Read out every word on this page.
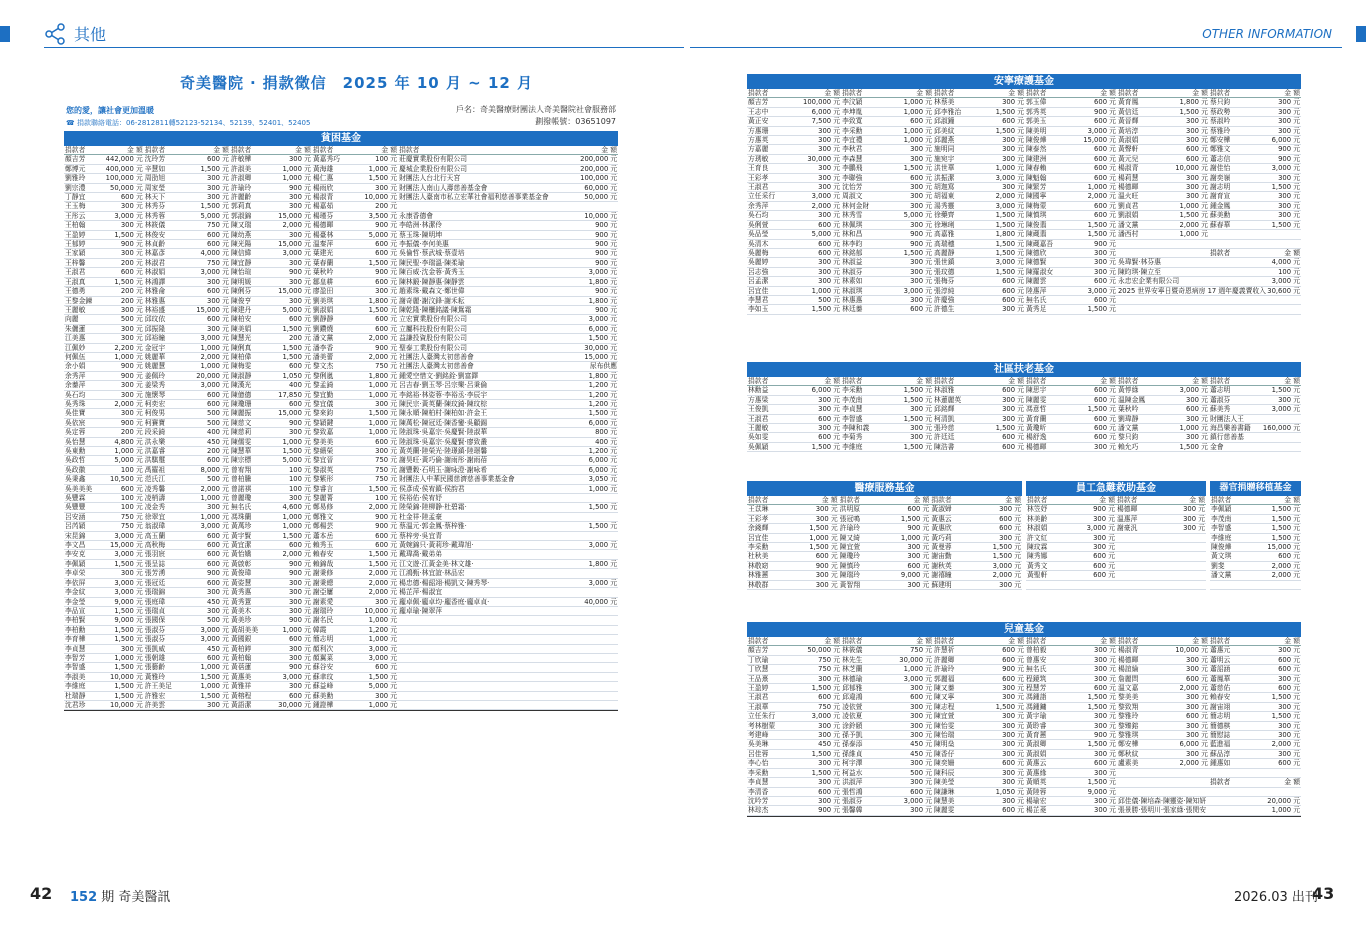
其他	OTHER INFORMATION
奇美醫院 ‧ 捐款徵信　2025 年 10 月 ~ 12 月
您的愛，讓社會更加溫暖
☎ 捐款聯絡電話：06-2812811轉52123-52134、52139、52401、52405
戶名：奇美醫療財團法人奇美醫院社會服務部
劃撥帳號：03651097
貧困基金
捐款者	金 額	捐款者	金 額	捐款者	金 額	捐款者	金 額	捐款者	金 額
顏吉芳	442,000 元	沈玲芳	600 元	許敏樺	300 元	黃嘉秀巧	100 元	莊慶實業股份有限公司	200,000 元
鄭博元	400,000 元	辛慧如	1,500 元	許淑美	1,000 元	黃海雄	1,000 元	慶城企業股份有限公司	200,000 元
劉雅玲	100,000 元	周劭旭	300 元	許淑卿	1,000 元	楊仁惠	1,500 元	財團法人台北行天宮	100,000 元
劉宗澧	50,000 元	周家瑩	300 元	許瑜玲	900 元	楊雨欣	300 元	財團法人南山人壽慈善基金會	60,000 元
丁靜宜	600 元	林天下	300 元	許麗齡	300 元	楊淑青	10,000 元	財團法人臺南市私立宏華社會福利慈善事業基金會	50,000 元
王玉梅	300 元	林秀芬	1,500 元	郭莉真	300 元	楊嘉茹	200 元		
王彤云	3,000 元	林秀蓉	5,000 元	郭淑錦	15,000 元	楊瑾芬	3,500 元	永康香德會	10,000 元
王柏翰	300 元	林筱儀	750 元	陳又瑞	2,000 元	楊德暉	900 元	李皓洲‧林潔伶	900 元
王盈婷	1,500 元	林俊安	600 元	陳幼燕	300 元	楊臺林	5,000 元	蔡玉珠‧陳明坤	900 元
王郁婷	900 元	林貞齡	600 元	陳光陽	15,000 元	溫秦萍	600 元	李振儀‧李何美惠	900 元
王家穎	300 元	林嘉彥	4,000 元	陳信緯	3,000 元	葉建光	600 元	吳倫哲‧蔡武城‧蔡壹培	900 元
王梓馨	200 元	林淑君	750 元	陳宜靜	300 元	葉春蘭	1,500 元	陳民聖‧李瑞溫‧陳柔瑜	900 元
王淑君	600 元	林淑娟	3,000 元	陳怡瑄	900 元	葉秋吟	900 元	陳百威‧沈金蓉‧黃秀玉	3,000 元
王淑真	1,500 元	林鴻譯	300 元	陳明媛	300 元	鄒皇耕	600 元	陳林鍛‧陳靜惠‧陳靜雲	1,800 元
王德勇	200 元	林雅侖	600 元	陳俐芬	15,000 元	廖盈田	300 元	趙素珠‧戴森文‧鄭世偉	900 元
王黎金鍊	200 元	林雅惠	300 元	陳俊亨	300 元	劉美琪	1,800 元	謝奇麗‧謝汶鋒‧謝禾耘	1,800 元
王麗敏	300 元	林裕盛	15,000 元	陳建丹	5,000 元	劉淑娟	1,500 元	陳乾隆‧陳櫃銘議‧陳鴛霜	900 元
向麗	500 元	邱玟依	600 元	陳柏安	600 元	劉靜靜	600 元	立宏實業股份有限公司	3,000 元
朱儷蓮	300 元	邱振隆	300 元	陳美娟	1,500 元	劉鑽燒	600 元	立屬科技股份有限公司	6,000 元
江美惠	300 元	邱裕瞳	3,000 元	陳慧光	200 元	潘文黨	2,000 元	益謙投資股份有限公司	1,500 元
江佩妙	2,200 元	金冠宇	1,000 元	陳俐真	1,500 元	潘李香	900 元	聖泰工業股份有限公司	30,000 元
何佩伍	1,000 元	姚麗華	2,000 元	陳柏偉	1,500 元	潘美蕾	2,000 元	社團法人臺灣太初慈善會	15,000 元
余小娟	900 元	姚麗慧	1,000 元	陳梅雯	600 元	黎文杰	750 元	社團法人臺灣太初慈善會	尿布供應
余秀萍	900 元	姜佩玲	20,000 元	陳淑靜	1,050 元	黎俐嵐	1,800 元	鍾愛空惜文‧劉銘銓‧劉富鐸	1,800 元
余蓁萍	300 元	姜梁秀	3,000 元	陳漢光	400 元	黎孟錡	1,000 元	呂吉春‧劉玉琴‧呂宗樂‧呂秉倫	1,200 元
吳石均	300 元	施懷琴	600 元	陳億德	17,850 元	黎宜勤	1,000 元	李銘裕‧林姿蓉‧李裕丞‧李辰宇	1,200 元
吳秀珠	2,000 元	柯奕宏	600 元	陳瓊珊	600 元	黎宜儀	300 元	陳民宗‧黃英蘭‧陳玟錡‧陳玟棕	1,200 元
吳佳寶	300 元	柯俊男	500 元	陳麗振	15,000 元	黎來鈞	1,500 元	陳永順‧陳柏村‧陳柏如‧許金王	1,500 元
吳依宸	900 元	柯賽寶	500 元	陳慈文	900 元	黎穎鍵	1,000 元	陳萬松‧陳冠廷‧陳香鑾‧吳顧錫	6,000 元
吳定蓉	200 元	段采錡	400 元	陳慈莉	300 元	黎致嘉	1,000 元	陸淑珠‧吳嘉宗‧吳慶賢‧陸淑華	800 元
吳怡慧	4,800 元	洪永樂	450 元	陳儒雯	1,000 元	黎美美	600 元	陸淑珠‧吳嘉宗‧吳慶賢‧廖致叢	400 元
吳東勳	1,000 元	洪嘉睿	200 元	陳慧華	1,500 元	黎繽榮	300 元	黃英蘭‧陸榮光‧陸璟鎮‧陸璟馨	1,200 元
吳政哲	5,000 元	洪騏璽	600 元	陳宗標	5,000 元	黎宜晉	750 元	謝昊旺‧黃巧倫‧謝雨彤‧謝雨蓓	6,000 元
吳政徽	100 元	禹羅祖	8,000 元	曾宥翔	100 元	黎淑英	750 元	謝豐穀‧石明玉‧謝咏澄‧謝咏希	6,000 元
吳秉鑫	10,500 元	范氏江	500 元	曾柏騰	100 元	黎紫形	750 元	財團法人中華民國慈濟慈善事業基金會	3,050 元
吳美美美	600 元	凌秀馨	2,000 元	曾諾祺	100 元	黎睿言	1,500 元	侯彥成‧侯宥鎮‧侯韵君	1,000 元
吳豐霖	100 元	凌梢濤	1,000 元	曾麗瓊	300 元	黎麗菁	100 元	侯裕佑‧侯宥妤	
吳豐豐	100 元	凌金秀	300 元	無名氏	4,600 元	鄭易修	2,000 元	陸榮錦‧陸柳静‧杜碧霜‧	1,500 元
呂安涵	750 元	徐翠宜	1,000 元	馮珠蘭	1,000 元	鄭雅文	900 元	杜金祥‧陸孟豪	
呂芮穎	750 元	翁淑瑋	3,000 元	黃萬珍	1,000 元	鄭楊芸	900 元	蔡溫元‧郭金鳳‧蔡梓雅‧	1,500 元
宋昆錦	3,000 元	高玉蘭	600 元	黃宇賢	1,500 元	蕭本岳	600 元	蔡梓旁‧吳宜青	
李文昌	15,000 元	高秋梅	600 元	黃宜潔	600 元	賴秀玉	600 元	黃婉錦只‧黃莉珍‧戴瑋旭‧	3,000 元
李安克	3,000 元	張羽宸	600 元	黃怡嬌	2,000 元	賴春安	1,500 元	戴瑋喬‧戴弟弟	
李佩穎	1,500 元	張呈誌	600 元	黃啟彰	900 元	賴錦哉	1,500 元	江文遊‧江黃金美‧林文雄‧	1,800 元
李卓栄	300 元	張芳湧	900 元	黃俊瑋	900 元	謝秉修	2,000 元	江鴻甄‧林宜誼‧林品宏	
李依屏	3,000 元	張冠廷	600 元	黃姿慧	300 元	謝秉總	2,000 元	楊忠德‧楊韶翊‧楊凱文‧陳秀琴‧	3,000 元
李金紋	3,000 元	張瑞錦	300 元	黃秀惠	300 元	謝亞屢	2,000 元	楊芷萍‧楊淑宜	
李金瑩	9,000 元	張庭瑋	450 元	黃秀薏	300 元	謝素愛	300 元	龐卓佩‧龐卓均‧龐香庭‧龐卓貞‧	40,000 元
李品宣	1,500 元	張瑞貞	300 元	黃美木	300 元	謝瑞玲	10,000 元	龐卓瑜‧陳翠萍	
李柏賢	9,000 元	張國保	500 元	黃美珍	900 元	謝名民	1,000 元		
李柏勳	1,500 元	張淑芬	3,000 元	黃胡美美	1,000 元	韓霞	1,200 元		
李育樺	1,500 元	張淑芬	3,000 元	黃國銀	600 元	簡志明	1,000 元		
李貞慧	300 元	張凱威	450 元	黃柏錞	300 元	顏利次	3,000 元		
李智芳	1,000 元	張朝雄	600 元	黃柏翰	300 元	顏翼菜	3,000 元		
李智盛	1,500 元	張藝齡	1,000 元	黃蓓蓮	900 元	蘇谷安	600 元		
李淑美	10,000 元	黃雅玲	1,500 元	黃惠美	3,000 元	蘇聿玟	1,500 元		
李維庭	1,500 元	許王美足	1,000 元	黃雅祥	300 元	蘇益峰	5,000 元		
杜瑞靜	1,500 元	許雅宏	1,500 元	黃榕程	600 元	蘇美勳	300 元		
沈君珍	10,000 元	許美雲	300 元	黃語潔	30,000 元	鍾證樺	1,000 元		
安寧療護基金
捐款者	金 額	捐款者	金 額	捐款者	金 額	捐款者	金 額	捐款者	金 額	捐款者	金 額
顏吉芳	100,000 元	李汶穎	1,000 元	林蔡美	300 元	郭玉偉	600 元	黃育鳳	1,800 元	蔡只鈞	300 元
王志中	6,000 元	李坤胤	1,000 元	邱李雅治	1,500 元	郭秀英	900 元	黃信廷	1,500 元	蔡政勢	300 元
黃正安	7,500 元	李致寬	600 元	邱淑鐘	600 元	郭美玉	600 元	黃晉輝	300 元	蔡淑吟	300 元
方惠珊	300 元	李采勳	1,000 元	邱美紋	1,500 元	陳美明	3,000 元	黃培淳	300 元	蔡雅玲	300 元
方惠英	300 元	李宜禮	1,000 元	邱麗燕	300 元	陳俊燁	15,000 元	黃淑娟	300 元	鄭安樺	6,000 元
方嘉麗	300 元	李秋君	300 元	施明同	300 元	陳泰然	600 元	黃聲軒	600 元	鄭雅文	900 元
方琇敏	30,000 元	李森慧	300 元	施宛宇	300 元	陳建洲	600 元	黃元兒	600 元	蕭志信	900 元
王育良	300 元	李鵬飛	1,500 元	洪世華	1,000 元	陳春賴	600 元	楊淑青	10,000 元	謝佳怡	3,000 元
王彩孝	300 元	李聯強	600 元	洪振潔	3,000 元	陳魁翰	600 元	楊莉慧	300 元	謝奕嶺	300 元
王淑君	300 元	沈怡芳	300 元	胡迦寫	300 元	陳繁芳	1,000 元	楊德暉	300 元	謝志明	1,500 元
立任采行	3,000 元	周淑文	300 元	胡福東	2,000 元	陳國寧	2,000 元	溫火旺	300 元	謝育宣	300 元
余秀萍	2,000 元	林何金財	300 元	湯秀靈	3,000 元	陳梅蒙	600 元	劉貞君	1,000 元	鍾金鳳	300 元
吳石均	300 元	林秀雪	5,000 元	徐藥齊	1,500 元	陳慎琪	600 元	劉淑娟	1,500 元	蘇美勳	300 元
吳俐萱	600 元	林佩琪	300 元	徐琳琍	1,500 元	陳俊翡	1,500 元	潘文黨	2,000 元	蘇春華	1,500 元
吳品瑩	5,000 元	林和昌	900 元	高嘉雅	1,800 元	陳蔵翡	1,500 元	潘西村	1,000 元		
吳清木	600 元	林李昀	900 元	高瑞穗	1,500 元	陳蔵嘉吾	900 元				
吳麗梅	600 元	林銘郁	1,500 元	高麗靜	1,500 元	陳德欣	300 元			捐款者	金 額
吳麗婷	300 元	林淑益	300 元	張世鎮	3,000 元	陳德賢	300 元	吳瑋賢‧林芬惠			4,000 元
呂志強	300 元	林淑芬	300 元	張玟德	1,500 元	陳羅淑女	300 元	陳昀琪‧陳立至			100 元
呂孟潔	300 元	林素如	300 元	張梅芬	600 元	陳麗雲	600 元	永忠宏企業有限公司			3,000 元
呂宜佳	1,000 元	林淑琪	3,000 元	張淳純	600 元	陸惠萍	3,000 元	2025 世界安寧日暨奇恩病房 17 週年慶義賣收入			30,600 元
李慧君	500 元	林惠惠	300 元	許慶強	600 元	無名氏	600 元				
李如玉	1,500 元	林廷蓁	600 元	許德生	300 元	黃秀足	1,500 元				
社區扶老基金
捐款者	金 額	捐款者	金 額	捐款者	金 額	捐款者	金 額	捐款者	金 額	捐款者	金 額
林勳益	6,000 元	李采勳	1,500 元	林淑雅	600 元	陳思宇	600 元	黃惇綠	3,000 元	蕭志明	1,500 元
方惠梁	300 元	李茂南	1,500 元	林蓮麗英	300 元	陳麗雯	600 元	溫陳金鳳	300 元	蕭淑芬	300 元
王俊凱	300 元	李貞慧	300 元	邱銘輝	300 元	馮意哲	1,500 元	葉秋吟	600 元	蘇美秀	3,000 元
王淑君	600 元	李智盛	1,500 元	柯清凱	300 元	黃育蘭	600 元	劉瑋靜	300 元	財團法人王	
王麗敏	300 元	李陳和義	300 元	張玲慈	1,500 元	黃瓊昕	600 元	潘文黨	1,000 元	海昌樂善書籍	160,000 元
吳如雯	600 元	李菊秀	300 元	許廷廷	600 元	楊舒逸	600 元	黎只鈞	300 元	鎮行慈善基	
吳佩穎	1,500 元	李維庭	1,500 元	陳浩書	600 元	楊德暉	300 元	賴允巧	1,500 元	金會	
醫療服務基金
捐款者	金 額	捐款者	金 額	捐款者	金 額
王苡琳	300 元	洪明原	600 元	黃淑婦	300 元
王彩孝	300 元	張冠鳴	1,500 元	黃惠云	600 元
余錢輝	1,500 元	許瑜玲	900 元	黃惠欣	600 元
呂宜佳	1,000 元	陳又綺	1,000 元	黃巧莉	300 元
李采勳	1,500 元	陳宜萱	300 元	黃曼蓉	1,500 元
杜秋美	600 元	陳瓊玲	300 元	謝宙勤	1,500 元
林敬窈	900 元	陳慎玲	600 元	謝秋英	3,000 元
林雅蕙	300 元	陳瑞玲	9,000 元	謝禧瞳	2,000 元
林敬群	300 元	黃智翔	300 元	蘇建明	300 元
員工急難救助基金
捐款者	金 額	捐款者	金 額
林笠妤	900 元	楊德暉	300 元
林美齡	300 元	溫惠萍	300 元
林淑娟	3,000 元	謝豪汎	300 元
許文紅	300 元		
陳玟霖	300 元		
陳秀娜	600 元		
黃秀文	600 元		
黃聖軒	600 元		

器官捐贈移植基金
捐款者	金 額
李佩穎	1,500 元
李茂南	1,500 元
李智盛	1,500 元
李維庭	1,500 元
陳俊燁	15,000 元
黃文琪	600 元
劉斐	2,000 元
潘文黨	2,000 元

兒童基金
捐款者	金 額	捐款者	金 額	捐款者	金 額	捐款者	金 額	捐款者	金 額	捐款者	金 額
顏吉芳	50,000 元	林筱儀	750 元	許慧祈	600 元	曾柏毅	300 元	楊淑青	10,000 元	蕭惠元	300 元
丁欣瑜	750 元	林先生	30,000 元	許麗卿	600 元	曾惠安	300 元	楊德暉	300 元	蕭明云	600 元
丁欣慧	750 元	林芝蘭	1,000 元	許瑜玲	900 元	無名氏	300 元	楊誼綸	300 元	蕭詔涵	600 元
王品熹	300 元	林德瑜	3,000 元	郭麗福	600 元	程鏡筑	300 元	詹麗問	600 元	蕭鳳華	300 元
王盈婷	1,500 元	邱郁雅	300 元	陳又蓁	300 元	程慧芳	600 元	溫文嘉	2,000 元	蕭慈佑	600 元
王淑君	600 元	邱違鴻	600 元	陳又寧	300 元	馮鍾詣	1,500 元	黎美美	300 元	賴春安	1,500 元
王淑華	750 元	凌依萱	300 元	陳志程	1,500 元	馮鍾鏞	1,500 元	黎致翔	300 元	謝宙翊	300 元
立任朱行	3,000 元	凌依夏	300 元	陳宜萱	300 元	黃宇瑜	300 元	黎雅玲	600 元	簡志明	1,500 元
考林樹蒙	300 元	涂鈴頤	300 元	陳怡雯	300 元	黃聆睿	300 元	黎臻鎔	300 元	簡德棋	300 元
考建峰	300 元	孫予凱	300 元	陳怡瑞	300 元	黃育蕙	900 元	黎雅琪	300 元	簡慰誌	300 元
吳美琳	450 元	孫泰添	450 元	陳明燊	300 元	黃淑卿	1,500 元	鄭安樺	6,000 元	藍進福	2,000 元
呂佳蓉	1,500 元	孫維貞	450 元	陳香仔	300 元	黃淑娟	300 元	鄭秋紋	300 元	蘇品淳	300 元
李心怡	300 元	柯宇澤	300 元	陳奕姍	600 元	黃惠云	600 元	盧素美	2,000 元	鍾惠如	600 元
李采勳	1,500 元	柯益水	500 元	陳科辰	300 元	黃惠緣	300 元				
李貞慧	300 元	洪淑萍	300 元	陳美瑩	300 元	黃順英	1,500 元			捐款者	金 額
李清香	600 元	張哲鴻	600 元	陳謙琳	1,050 元	黃陸蓉	9,000 元				
沈吟芳	300 元	張淑芬	3,000 元	陳慧美	300 元	楊瑜宏	300 元	邱佳儀‧陳培森‧陳靈姿‧陳知妍			20,000 元
林琮杰	900 元	張馨韓	300 元	陳麗雯	600 元	楊芷菱	300 元	張景勝‧張明川‧張家綠‧張閔安			1,000 元
42 152 期 奇美醫訊	2026.03 出刊
43
